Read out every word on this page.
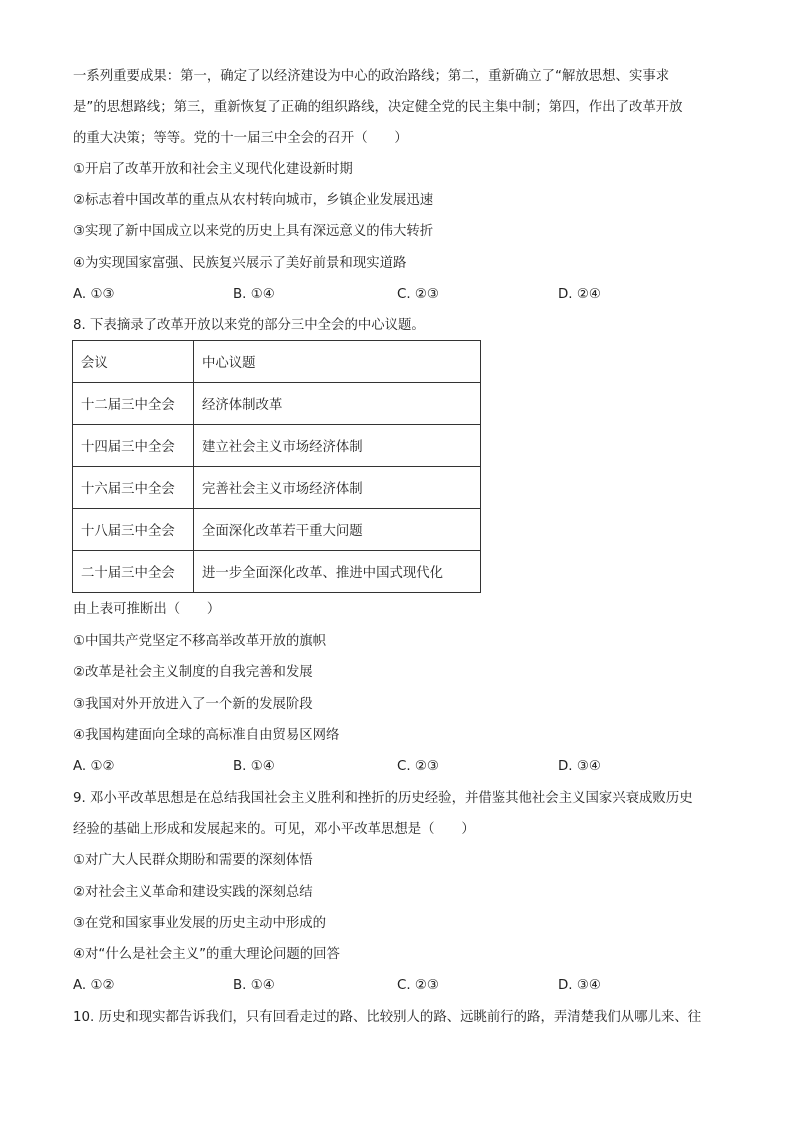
一系列重要成果：第一，确定了以经济建设为中心的政治路线；第二，重新确立了“解放思想、实事求
是”的思想路线；第三，重新恢复了正确的组织路线，决定健全党的民主集中制；第四，作出了改革开放
的重大决策；等等。党的十一届三中全会的召开（　　）
①开启了改革开放和社会主义现代化建设新时期
②标志着中国改革的重点从农村转向城市，乡镇企业发展迅速
③实现了新中国成立以来党的历史上具有深远意义的伟大转折
④为实现国家富强、民族复兴展示了美好前景和现实道路
A. ①③	B. ①④	C. ②③	D. ②④
8. 下表摘录了改革开放以来党的部分三中全会的中心议题。
会议	中心议题
十二届三中全会	经济体制改革
十四届三中全会	建立社会主义市场经济体制
十六届三中全会	完善社会主义市场经济体制
十八届三中全会	全面深化改革若干重大问题
二十届三中全会	进一步全面深化改革、推进中国式现代化
由上表可推断出（　　）
①中国共产党坚定不移高举改革开放的旗帜
②改革是社会主义制度的自我完善和发展
③我国对外开放进入了一个新的发展阶段
④我国构建面向全球的高标准自由贸易区网络
A. ①②	B. ①④	C. ②③	D. ③④
9. 邓小平改革思想是在总结我国社会主义胜利和挫折的历史经验，并借鉴其他社会主义国家兴衰成败历史
经验的基础上形成和发展起来的。可见，邓小平改革思想是（　　）
①对广大人民群众期盼和需要的深刻体悟
②对社会主义革命和建设实践的深刻总结
③在党和国家事业发展的历史主动中形成的
④对“什么是社会主义”的重大理论问题的回答
A. ①②	B. ①④	C. ②③	D. ③④
10. 历史和现实都告诉我们，只有回看走过的路、比较别人的路、远眺前行的路，弄清楚我们从哪儿来、往
